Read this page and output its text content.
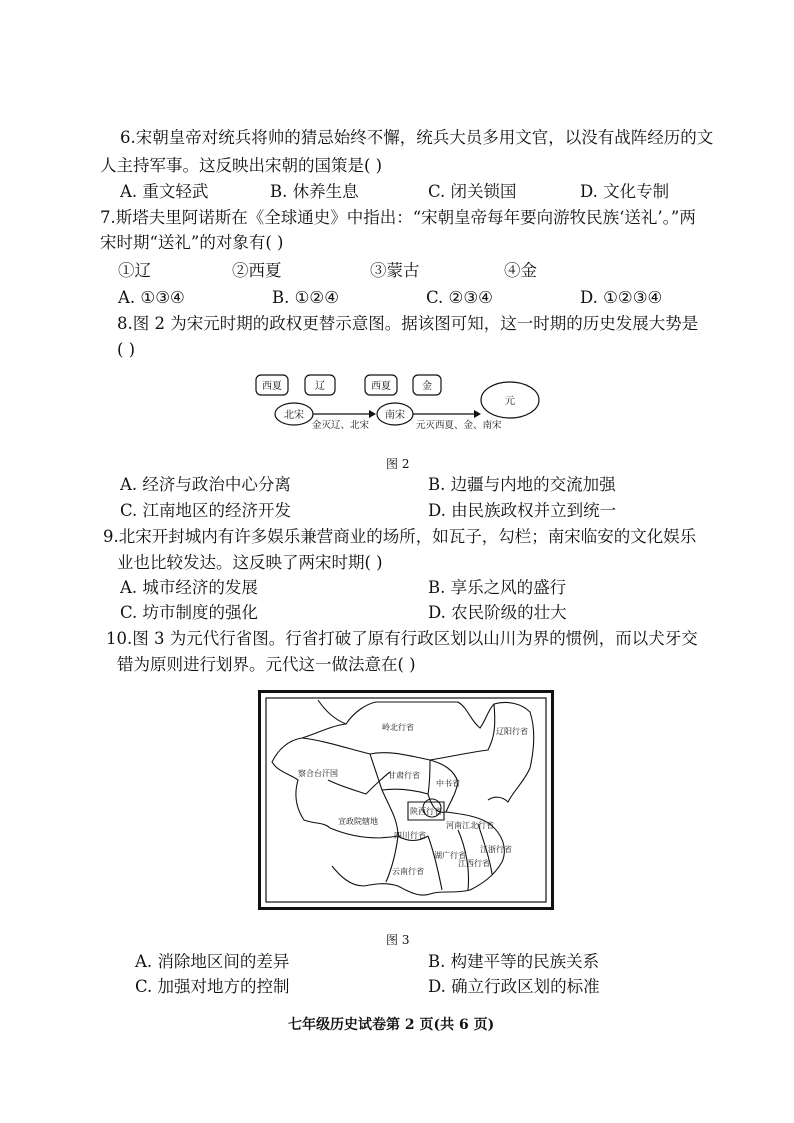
6.宋朝皇帝对统兵将帅的猜忌始终不懈，统兵大员多用文官，以没有战阵经历的文
人主持军事。这反映出宋朝的国策是( )
A. 重文轻武	B. 休养生息	C. 闭关锁国	D. 文化专制
7.斯塔夫里阿诺斯在《全球通史》中指出：“宋朝皇帝每年要向游牧民族‘送礼’。”两
宋时期“送礼”的对象有( )
①辽	②西夏	③蒙古	④金
A. ①③④	B. ①②④	C. ②③④	D. ①②③④
8.图 2 为宋元时期的政权更替示意图。据该图可知，这一时期的历史发展大势是
( )
西夏	辽
北宋
西夏	金
南宋
元
金灭辽、北宋	元灭西夏、金、南宋
图 2
A. 经济与政治中心分离	B. 边疆与内地的交流加强
C. 江南地区的经济开发	D. 由民族政权并立到统一
9.北宋开封城内有许多娱乐兼营商业的场所，如瓦子，勾栏；南宋临安的文化娱乐
业也比较发达。这反映了两宋时期( )
A. 城市经济的发展	B. 享乐之风的盛行
C. 坊市制度的强化	D. 农民阶级的壮大
10.图 3 为元代行省图。行省打破了原有行政区划以山川为界的惯例，而以犬牙交
错为原则进行划界。元代这一做法意在( )
岭北行省	辽阳行省
察合台汗国	甘肃行省
中书省
宣政院辖地
陕西行省
河南江北行省
四川行省
江浙行省
江西行省
湖广行省
云南行省
图 3
A. 消除地区间的差异	B. 构建平等的民族关系
C. 加强对地方的控制	D. 确立行政区划的标准
七年级历史试卷第 2 页(共 6 页)
